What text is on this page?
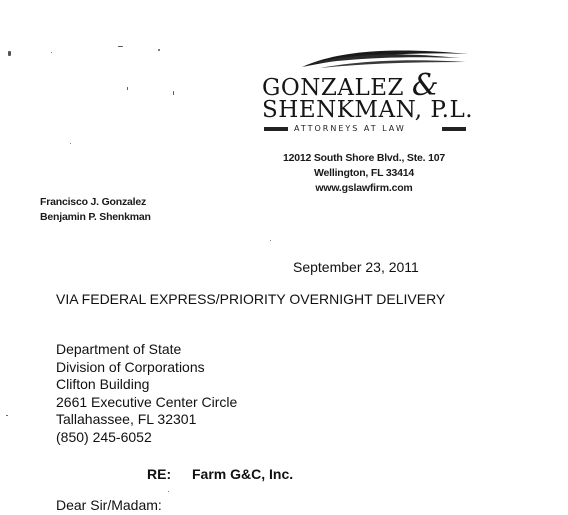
GONZALEZ &
SHENKMAN, P.L.
ATTORNEYS AT LAW
12012 South Shore Blvd., Ste. 107
Wellington, FL 33414
www.gslawfirm.com
Francisco J. Gonzalez
Benjamin P. Shenkman
September 23, 2011
VIA FEDERAL EXPRESS/PRIORITY OVERNIGHT DELIVERY
Department of State
Division of Corporations
Clifton Building
2661 Executive Center Circle
Tallahassee, FL 32301
(850) 245-6052
RE: Farm G&C, Inc.
Dear Sir/Madam:
